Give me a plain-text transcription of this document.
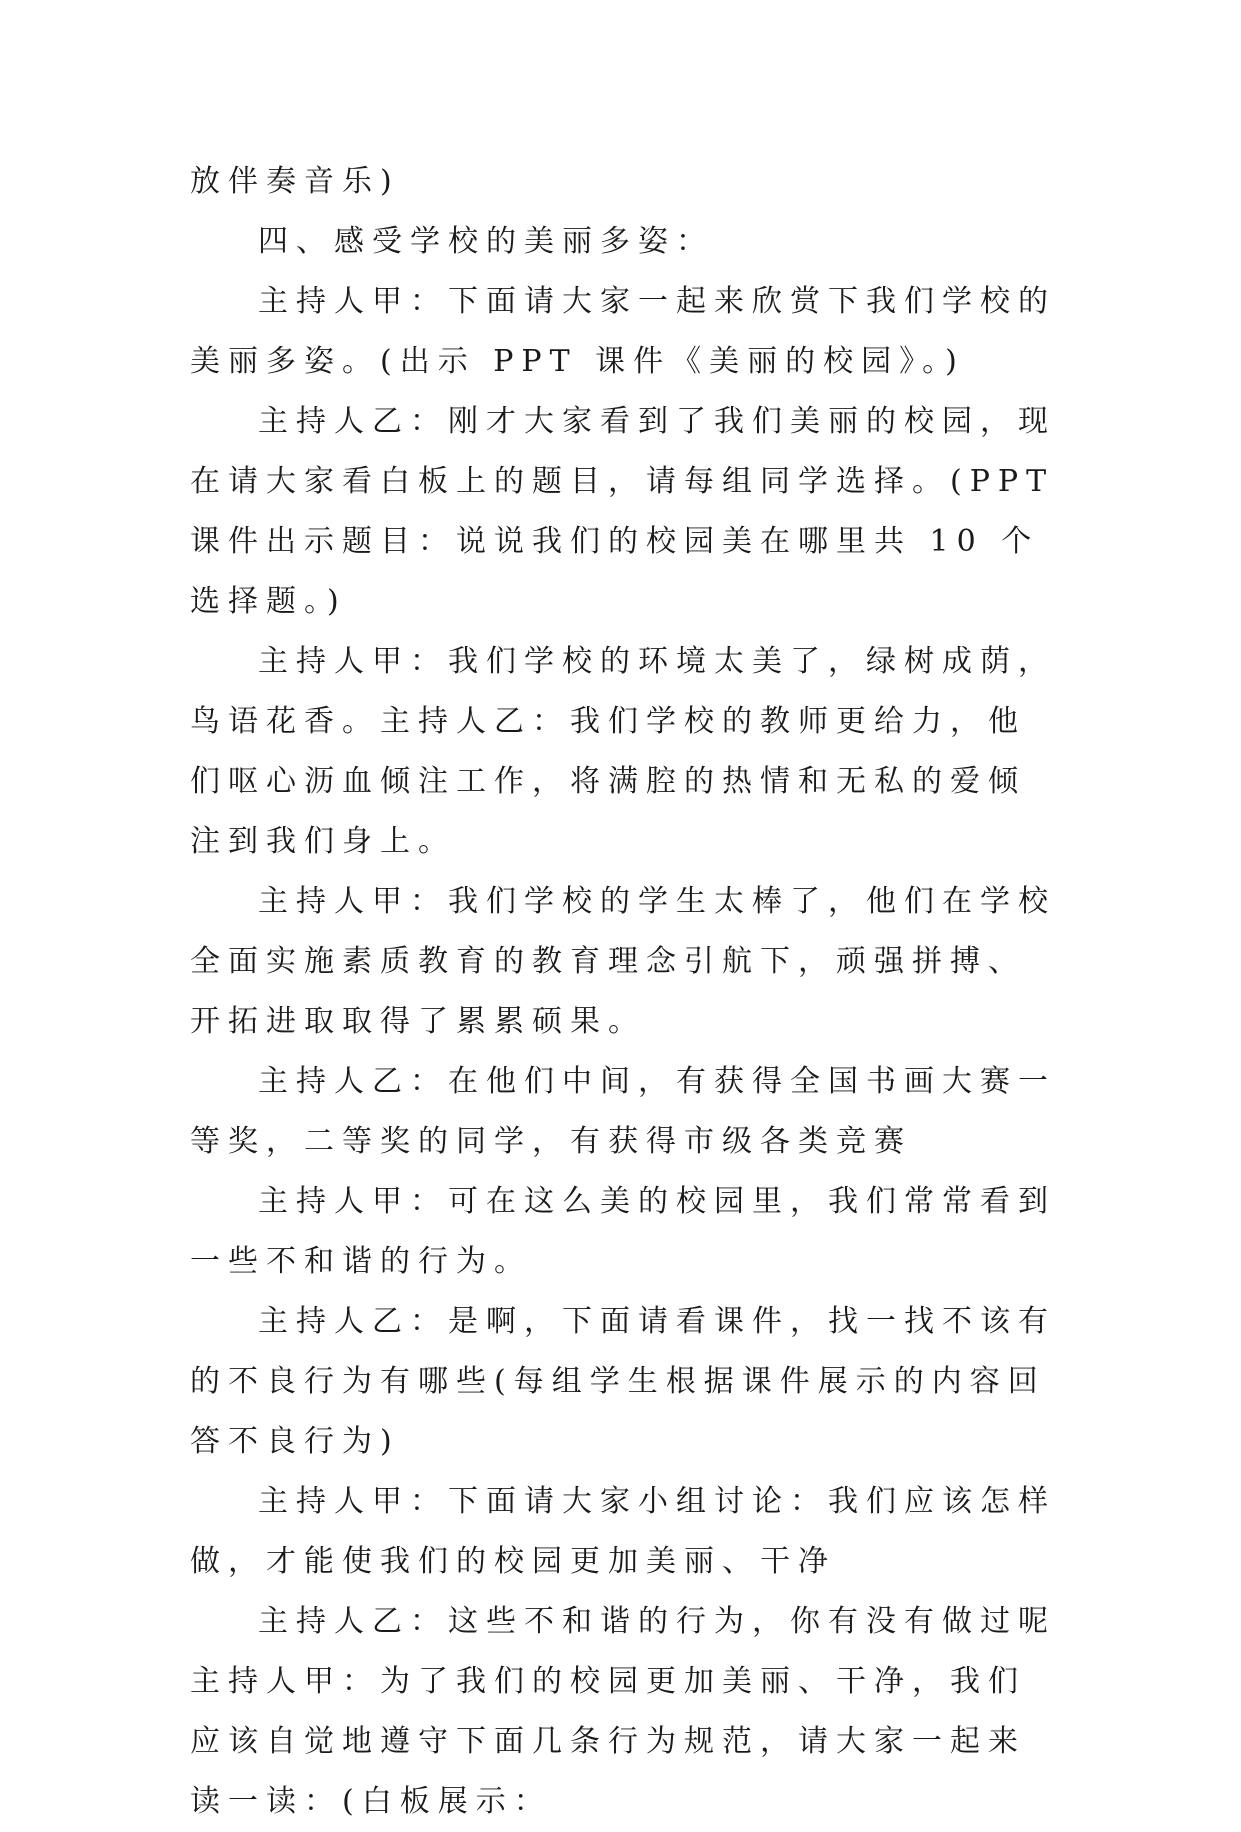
放伴奏音乐)

四、感受学校的美丽多姿：

主持人甲：下面请大家一起来欣赏下我们学校的美丽多姿。(出示 PPT 课件《美丽的校园》。)

主持人乙：刚才大家看到了我们美丽的校园，现在请大家看白板上的题目，请每组同学选择。(PPT 课件出示题目：说说我们的校园美在哪里共 10 个选择题。)

主持人甲：我们学校的环境太美了，绿树成荫，鸟语花香。主持人乙：我们学校的教师更给力，他们呕心沥血倾注工作，将满腔的热情和无私的爱倾注到我们身上。

主持人甲：我们学校的学生太棒了，他们在学校全面实施素质教育的教育理念引航下，顽强拼搏、开拓进取取得了累累硕果。

主持人乙：在他们中间，有获得全国书画大赛一等奖，二等奖的同学，有获得市级各类竞赛

主持人甲：可在这么美的校园里，我们常常看到一些不和谐的行为。

主持人乙：是啊，下面请看课件，找一找不该有的不良行为有哪些(每组学生根据课件展示的内容回答不良行为)

主持人甲：下面请大家小组讨论：我们应该怎样做，才能使我们的校园更加美丽、干净

主持人乙：这些不和谐的行为，你有没有做过呢主持人甲：为了我们的校园更加美丽、干净，我们应该自觉地遵守下面几条行为规范，请大家一起来读一读：(白板展示：
